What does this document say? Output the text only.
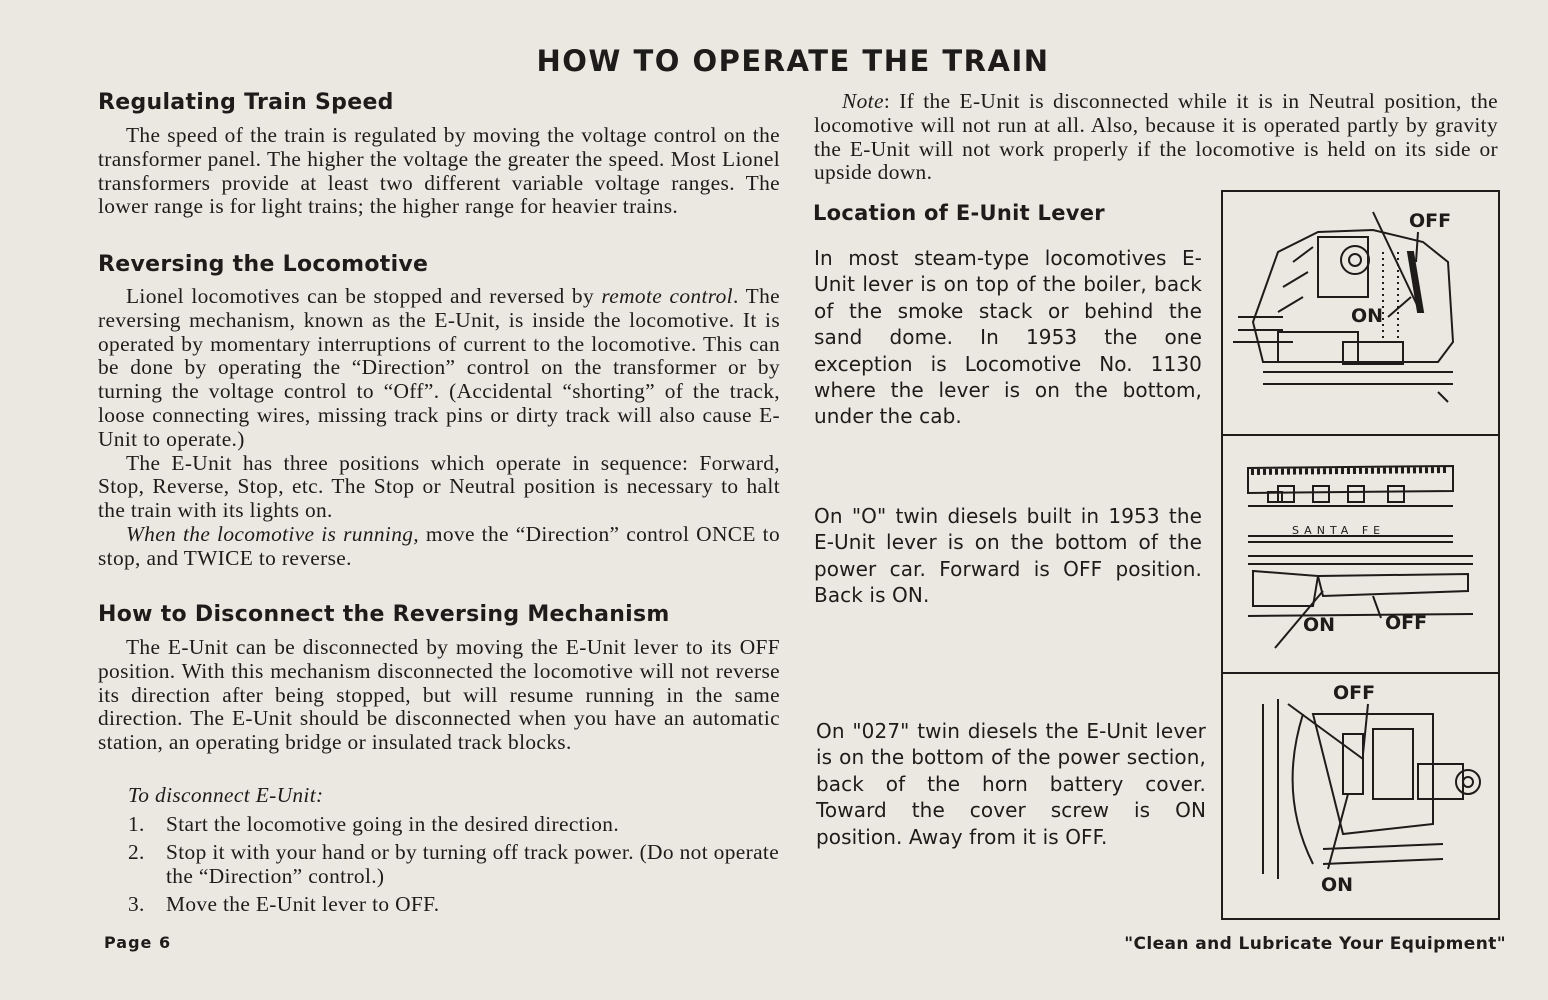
HOW TO OPERATE THE TRAIN
Regulating Train Speed

The speed of the train is regulated by moving the voltage control on the transformer panel. The higher the voltage the greater the speed. Most Lionel transformers provide at least two different variable voltage ranges. The lower range is for light trains; the higher range for heavier trains.

Reversing the Locomotive

Lionel locomotives can be stopped and reversed by remote control. The reversing mechanism, known as the E-Unit, is inside the locomotive. It is operated by momentary interruptions of current to the locomotive. This can be done by operating the “Direction” control on the transformer or by turning the voltage control to “Off”. (Accidental “shorting” of the track, loose connecting wires, missing track pins or dirty track will also cause E-Unit to operate.)

The E-Unit has three positions which operate in sequence: Forward, Stop, Reverse, Stop, etc. The Stop or Neutral position is necessary to halt the train with its lights on.

When the locomotive is running, move the “Direction” control ONCE to stop, and TWICE to reverse.

How to Disconnect the Reversing Mechanism

The E-Unit can be disconnected by moving the E-Unit lever to its OFF position. With this mechanism disconnected the locomotive will not reverse its direction after being stopped, but will resume running in the same direction. The E-Unit should be disconnected when you have an automatic station, an operating bridge or insulated track blocks.

To disconnect E-Unit:
1. Start the locomotive going in the desired direction.
2. Stop it with your hand or by turning off track power. (Do not operate the “Direction” control.)
3. Move the E-Unit lever to OFF.

Note: If the E-Unit is disconnected while it is in Neutral position, the locomotive will not run at all. Also, because it is operated partly by gravity the E-Unit will not work properly if the locomotive is held on its side or upside down.

Location of E-Unit Lever
In most steam-type locomotives E-Unit lever is on top of the boiler, back of the smoke stack or behind the sand dome. In 1953 the one exception is Locomotive No. 1130 where the lever is on the bottom, under the cab.
On "O" twin diesels built in 1953 the E-Unit lever is on the bottom of the power car. Forward is OFF position. Back is ON.
On "027" twin diesels the E-Unit lever is on the bottom of the power section, back of the horn battery cover. Toward the cover screw is ON position. Away from it is OFF.
OFF
ON
SANTA FE
ON	OFF
OFF
ON
Page 6	"Clean and Lubricate Your Equipment"
